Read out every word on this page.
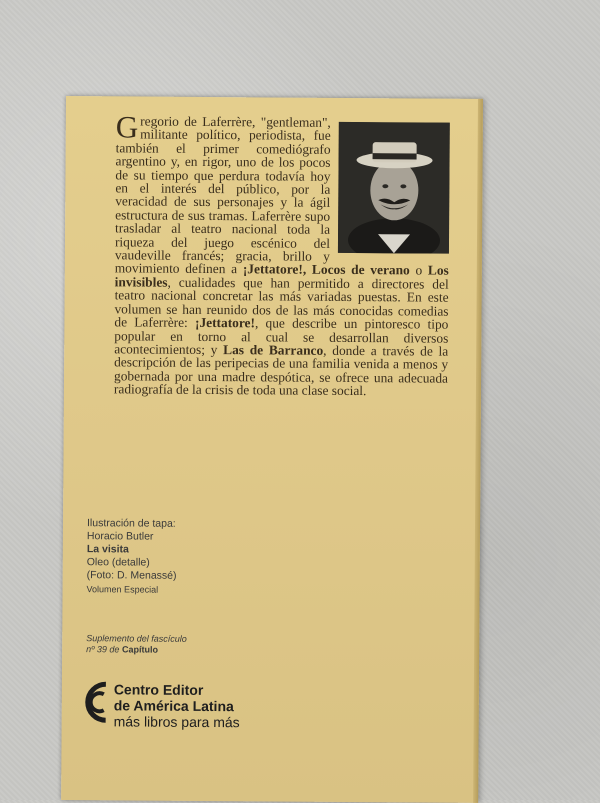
Gregorio de Laferrère, "gentleman", militante político, periodista, fue también el primer comediógrafo argentino y, en rigor, uno de los pocos de su tiempo que perdura todavía hoy en el interés del público, por la veracidad de sus personajes y la ágil estructura de sus tramas. Laferrère supo trasladar al teatro nacional toda la riqueza del juego escénico del vaudeville francés; gracia, brillo y movimiento definen a ¡Jettatore!, Locos de verano o Los invisibles, cualidades que han permitido a directores del teatro nacional concretar las más variadas puestas. En este volumen se han reunido dos de las más conocidas comedias de Laferrère: ¡Jettatore!, que describe un pintoresco tipo popular en torno al cual se desarrollan diversos acontecimientos; y Las de Barranco, donde a través de la descripción de las peripecias de una familia venida a menos y gobernada por una madre despótica, se ofrece una adecuada radiografía de la crisis de toda una clase social.
Ilustración de tapa:
Horacio Butler
La visita
Oleo (detalle)
(Foto: D. Menassé)
Volumen Especial
Suplemento del fascículo
nº 39 de Capítulo
Centro Editor
de América Latina
más libros para más
